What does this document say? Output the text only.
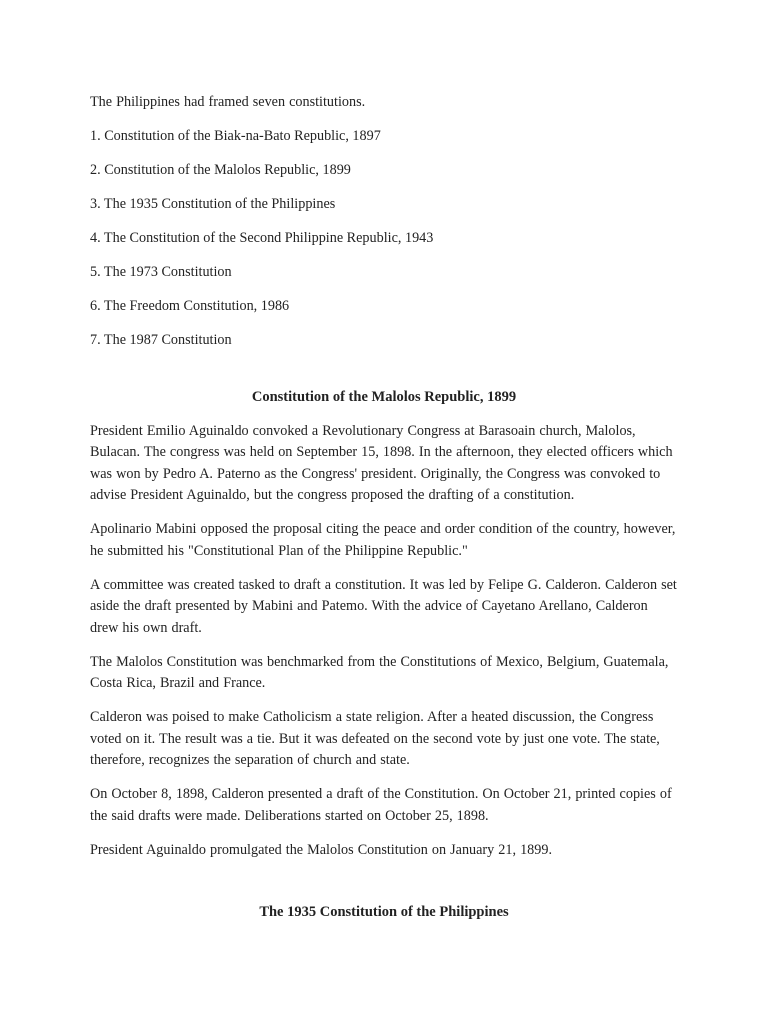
The Philippines had framed seven constitutions.

1. Constitution of the Biak-na-Bato Republic, 1897

2. Constitution of the Malolos Republic, 1899

3. The 1935 Constitution of the Philippines

4. The Constitution of the Second Philippine Republic, 1943

5. The 1973 Constitution

6. The Freedom Constitution, 1986

7. The 1987 Constitution

Constitution of the Malolos Republic, 1899

President Emilio Aguinaldo convoked a Revolutionary Congress at Barasoain church, Malolos, Bulacan. The congress was held on September 15, 1898. In the afternoon, they elected officers which was won by Pedro A. Paterno as the Congress' president. Originally, the Congress was convoked to advise President Aguinaldo, but the congress proposed the drafting of a constitution.

Apolinario Mabini opposed the proposal citing the peace and order condition of the country, however, he submitted his "Constitutional Plan of the Philippine Republic."

A committee was created tasked to draft a constitution. It was led by Felipe G. Calderon. Calderon set aside the draft presented by Mabini and Patemo. With the advice of Cayetano Arellano, Calderon drew his own draft.

The Malolos Constitution was benchmarked from the Constitutions of Mexico, Belgium, Guatemala, Costa Rica, Brazil and France.

Calderon was poised to make Catholicism a state religion. After a heated discussion, the Congress voted on it. The result was a tie. But it was defeated on the second vote by just one vote. The state, therefore, recognizes the separation of church and state.

On October 8, 1898, Calderon presented a draft of the Constitution. On October 21, printed copies of the said drafts were made. Deliberations started on October 25, 1898.

President Aguinaldo promulgated the Malolos Constitution on January 21, 1899.

The 1935 Constitution of the Philippines
